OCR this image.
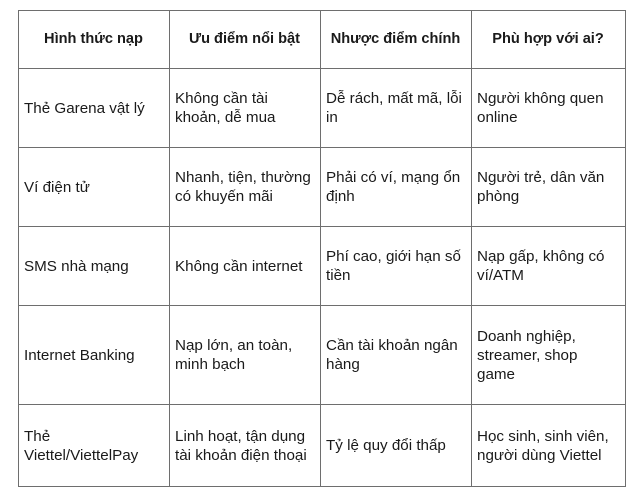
Hình thức nạp	Ưu điểm nổi bật	Nhược điểm chính	Phù hợp với ai?
Thẻ Garena vật lý	Không cần tài khoản, dễ mua	Dễ rách, mất mã, lỗi in	Người không quen online
Ví điện tử	Nhanh, tiện, thường có khuyến mãi	Phải có ví, mạng ổn định	Người trẻ, dân văn phòng
SMS nhà mạng	Không cần internet	Phí cao, giới hạn số tiền	Nạp gấp, không có ví/ATM
Internet Banking	Nạp lớn, an toàn, minh bạch	Cần tài khoản ngân hàng	Doanh nghiệp, streamer, shop game
Thẻ Viettel/ViettelPay	Linh hoạt, tận dụng tài khoản điện thoại	Tỷ lệ quy đổi thấp	Học sinh, sinh viên, người dùng Viettel
